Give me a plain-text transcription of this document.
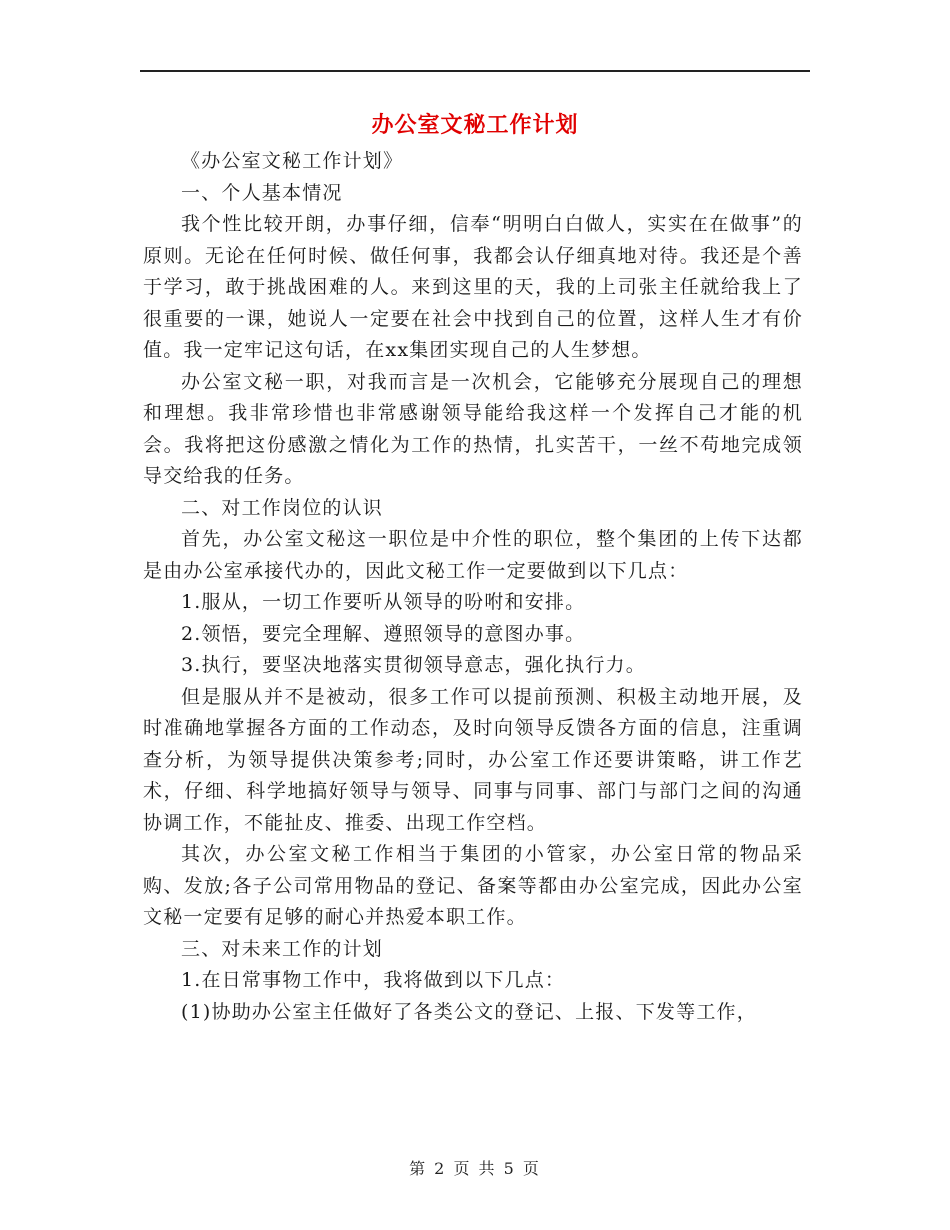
办公室文秘工作计划

《办公室文秘工作计划》

一、个人基本情况

我个性比较开朗，办事仔细，信奉“明明白白做人，实实在在做事”的原则。无论在任何时候、做任何事，我都会认仔细真地对待。我还是个善于学习，敢于挑战困难的人。来到这里的天，我的上司张主任就给我上了很重要的一课，她说人一定要在社会中找到自己的位置，这样人生才有价值。我一定牢记这句话，在xx集团实现自己的人生梦想。

办公室文秘一职，对我而言是一次机会，它能够充分展现自己的理想和理想。我非常珍惜也非常感谢领导能给我这样一个发挥自己才能的机会。我将把这份感激之情化为工作的热情，扎实苦干，一丝不苟地完成领导交给我的任务。

二、对工作岗位的认识

首先，办公室文秘这一职位是中介性的职位，整个集团的上传下达都是由办公室承接代办的，因此文秘工作一定要做到以下几点：

1.服从，一切工作要听从领导的吩咐和安排。

2.领悟，要完全理解、遵照领导的意图办事。

3.执行，要坚决地落实贯彻领导意志，强化执行力。

但是服从并不是被动，很多工作可以提前预测、积极主动地开展，及时准确地掌握各方面的工作动态，及时向领导反馈各方面的信息，注重调查分析，为领导提供决策参考;同时，办公室工作还要讲策略，讲工作艺术，仔细、科学地搞好领导与领导、同事与同事、部门与部门之间的沟通协调工作，不能扯皮、推委、出现工作空档。

其次，办公室文秘工作相当于集团的小管家，办公室日常的物品采购、发放;各子公司常用物品的登记、备案等都由办公室完成，因此办公室文秘一定要有足够的耐心并热爱本职工作。

三、对未来工作的计划

1.在日常事物工作中，我将做到以下几点：

(1)协助办公室主任做好了各类公文的登记、上报、下发等工作，

第 2 页 共 5 页
